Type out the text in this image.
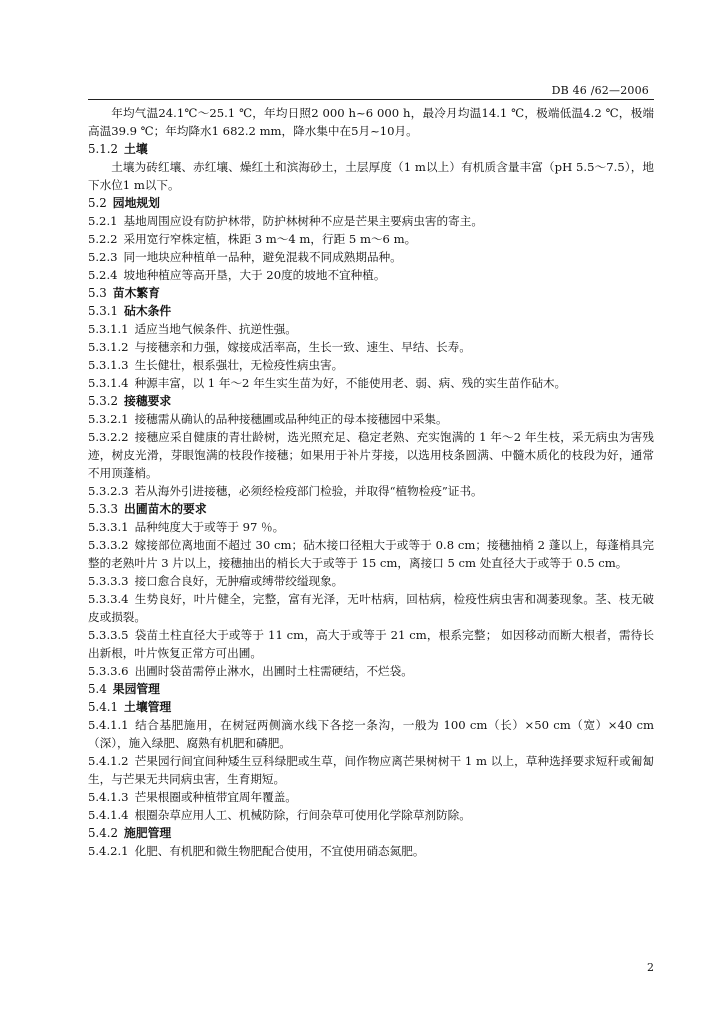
DB 46 /62—2006

年均气温24.1℃～25.1 ℃，年均日照2 000 h~6 000 h，最冷月均温14.1 ℃，极端低温4.2 ℃，极端高温39.9 ℃；年均降水1 682.2 mm，降水集中在5月~10月。

5.1.2 土壤

土壤为砖红壤、赤红壤、燥红土和滨海砂土，土层厚度（1 m以上）有机质含量丰富（pH 5.5～7.5），地下水位1 m以下。

5.2 园地规划

5.2.1 基地周围应设有防护林带，防护林树种不应是芒果主要病虫害的寄主。

5.2.2 采用宽行窄株定植，株距 3 m～4 m，行距 5 m～6 m。

5.2.3 同一地块应种植单一品种，避免混栽不同成熟期品种。

5.2.4 坡地种植应等高开垦，大于 20度的坡地不宜种植。

5.3 苗木繁育

5.3.1 砧木条件

5.3.1.1 适应当地气候条件、抗逆性强。

5.3.1.2 与接穗亲和力强，嫁接成活率高，生长一致、速生、早结、长寿。

5.3.1.3 生长健壮，根系强壮，无检疫性病虫害。

5.3.1.4 种源丰富，以 1 年～2 年生实生苗为好，不能使用老、弱、病、残的实生苗作砧木。

5.3.2 接穗要求

5.3.2.1 接穗需从确认的品种接穗圃或品种纯正的母本接穗园中采集。

5.3.2.2 接穗应采自健康的青壮龄树，选光照充足、稳定老熟、充实饱满的 1 年～2 年生枝，采无病虫为害残迹，树皮光滑，芽眼饱满的枝段作接穗；如果用于补片芽接，以选用枝条圆满、中髓木质化的枝段为好，通常不用顶蓬梢。

5.3.2.3 若从海外引进接穗，必须经检疫部门检验，并取得“植物检疫”证书。

5.3.3 出圃苗木的要求

5.3.3.1 品种纯度大于或等于 97 ％。

5.3.3.2 嫁接部位离地面不超过 30 cm；砧木接口径粗大于或等于 0.8 cm；接穗抽梢 2 蓬以上，每蓬梢具完整的老熟叶片 3 片以上，接穗抽出的梢长大于或等于 15 cm，离接口 5 cm 处直径大于或等于 0.5 cm。

5.3.3.3 接口愈合良好，无肿瘤或缚带绞缢现象。

5.3.3.4 生势良好，叶片健全，完整，富有光泽，无叶枯病，回枯病，检疫性病虫害和凋萎现象。茎、枝无破皮或损裂。

5.3.3.5 袋苗土柱直径大于或等于 11 cm，高大于或等于 21 cm，根系完整； 如因移动而断大根者，需待长出新根，叶片恢复正常方可出圃。

5.3.3.6 出圃时袋苗需停止淋水，出圃时土柱需硬结，不烂袋。

5.4 果园管理

5.4.1 土壤管理

5.4.1.1 结合基肥施用，在树冠两侧滴水线下各挖一条沟，一般为 100 cm（长）×50 cm（宽）×40 cm（深），施入绿肥、腐熟有机肥和磷肥。

5.4.1.2 芒果园行间宜间种矮生豆科绿肥或生草，间作物应离芒果树树干 1 m 以上，草种选择要求短秆或匍匐生，与芒果无共同病虫害，生育期短。

5.4.1.3 芒果根圈或种植带宜周年覆盖。

5.4.1.4 根圈杂草应用人工、机械防除，行间杂草可使用化学除草剂防除。

5.4.2 施肥管理

5.4.2.1 化肥、有机肥和微生物肥配合使用，不宜使用硝态氮肥。

2
